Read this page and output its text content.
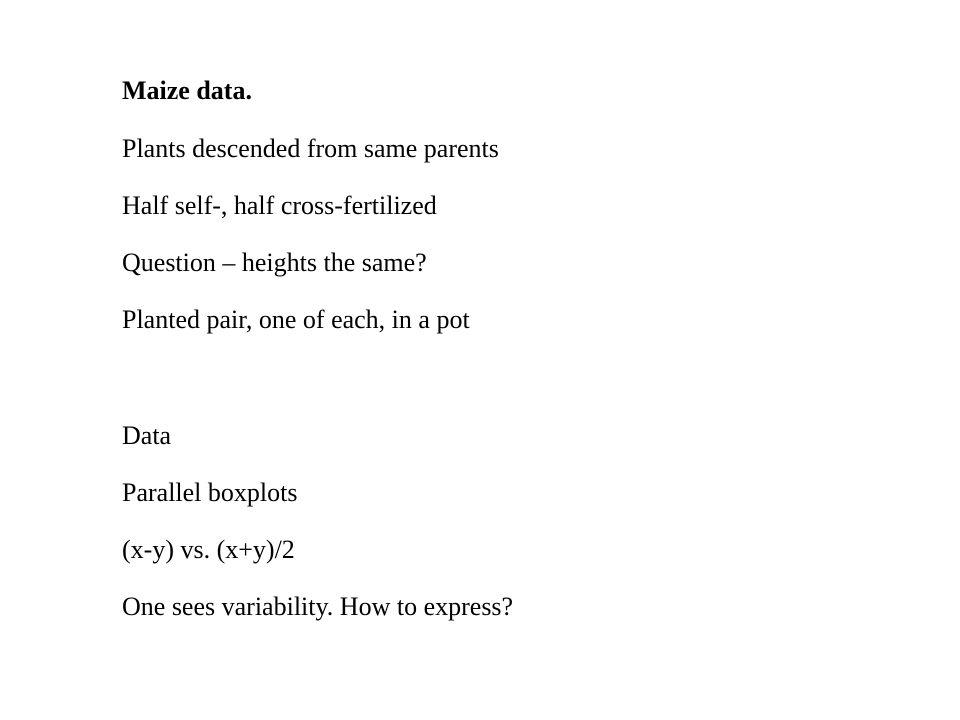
Maize data.

Plants descended from same parents

Half self-, half cross-fertilized

Question – heights the same?

Planted pair, one of each, in a pot

Data

Parallel boxplots

(x-y) vs. (x+y)/2

One sees variability. How to express?
